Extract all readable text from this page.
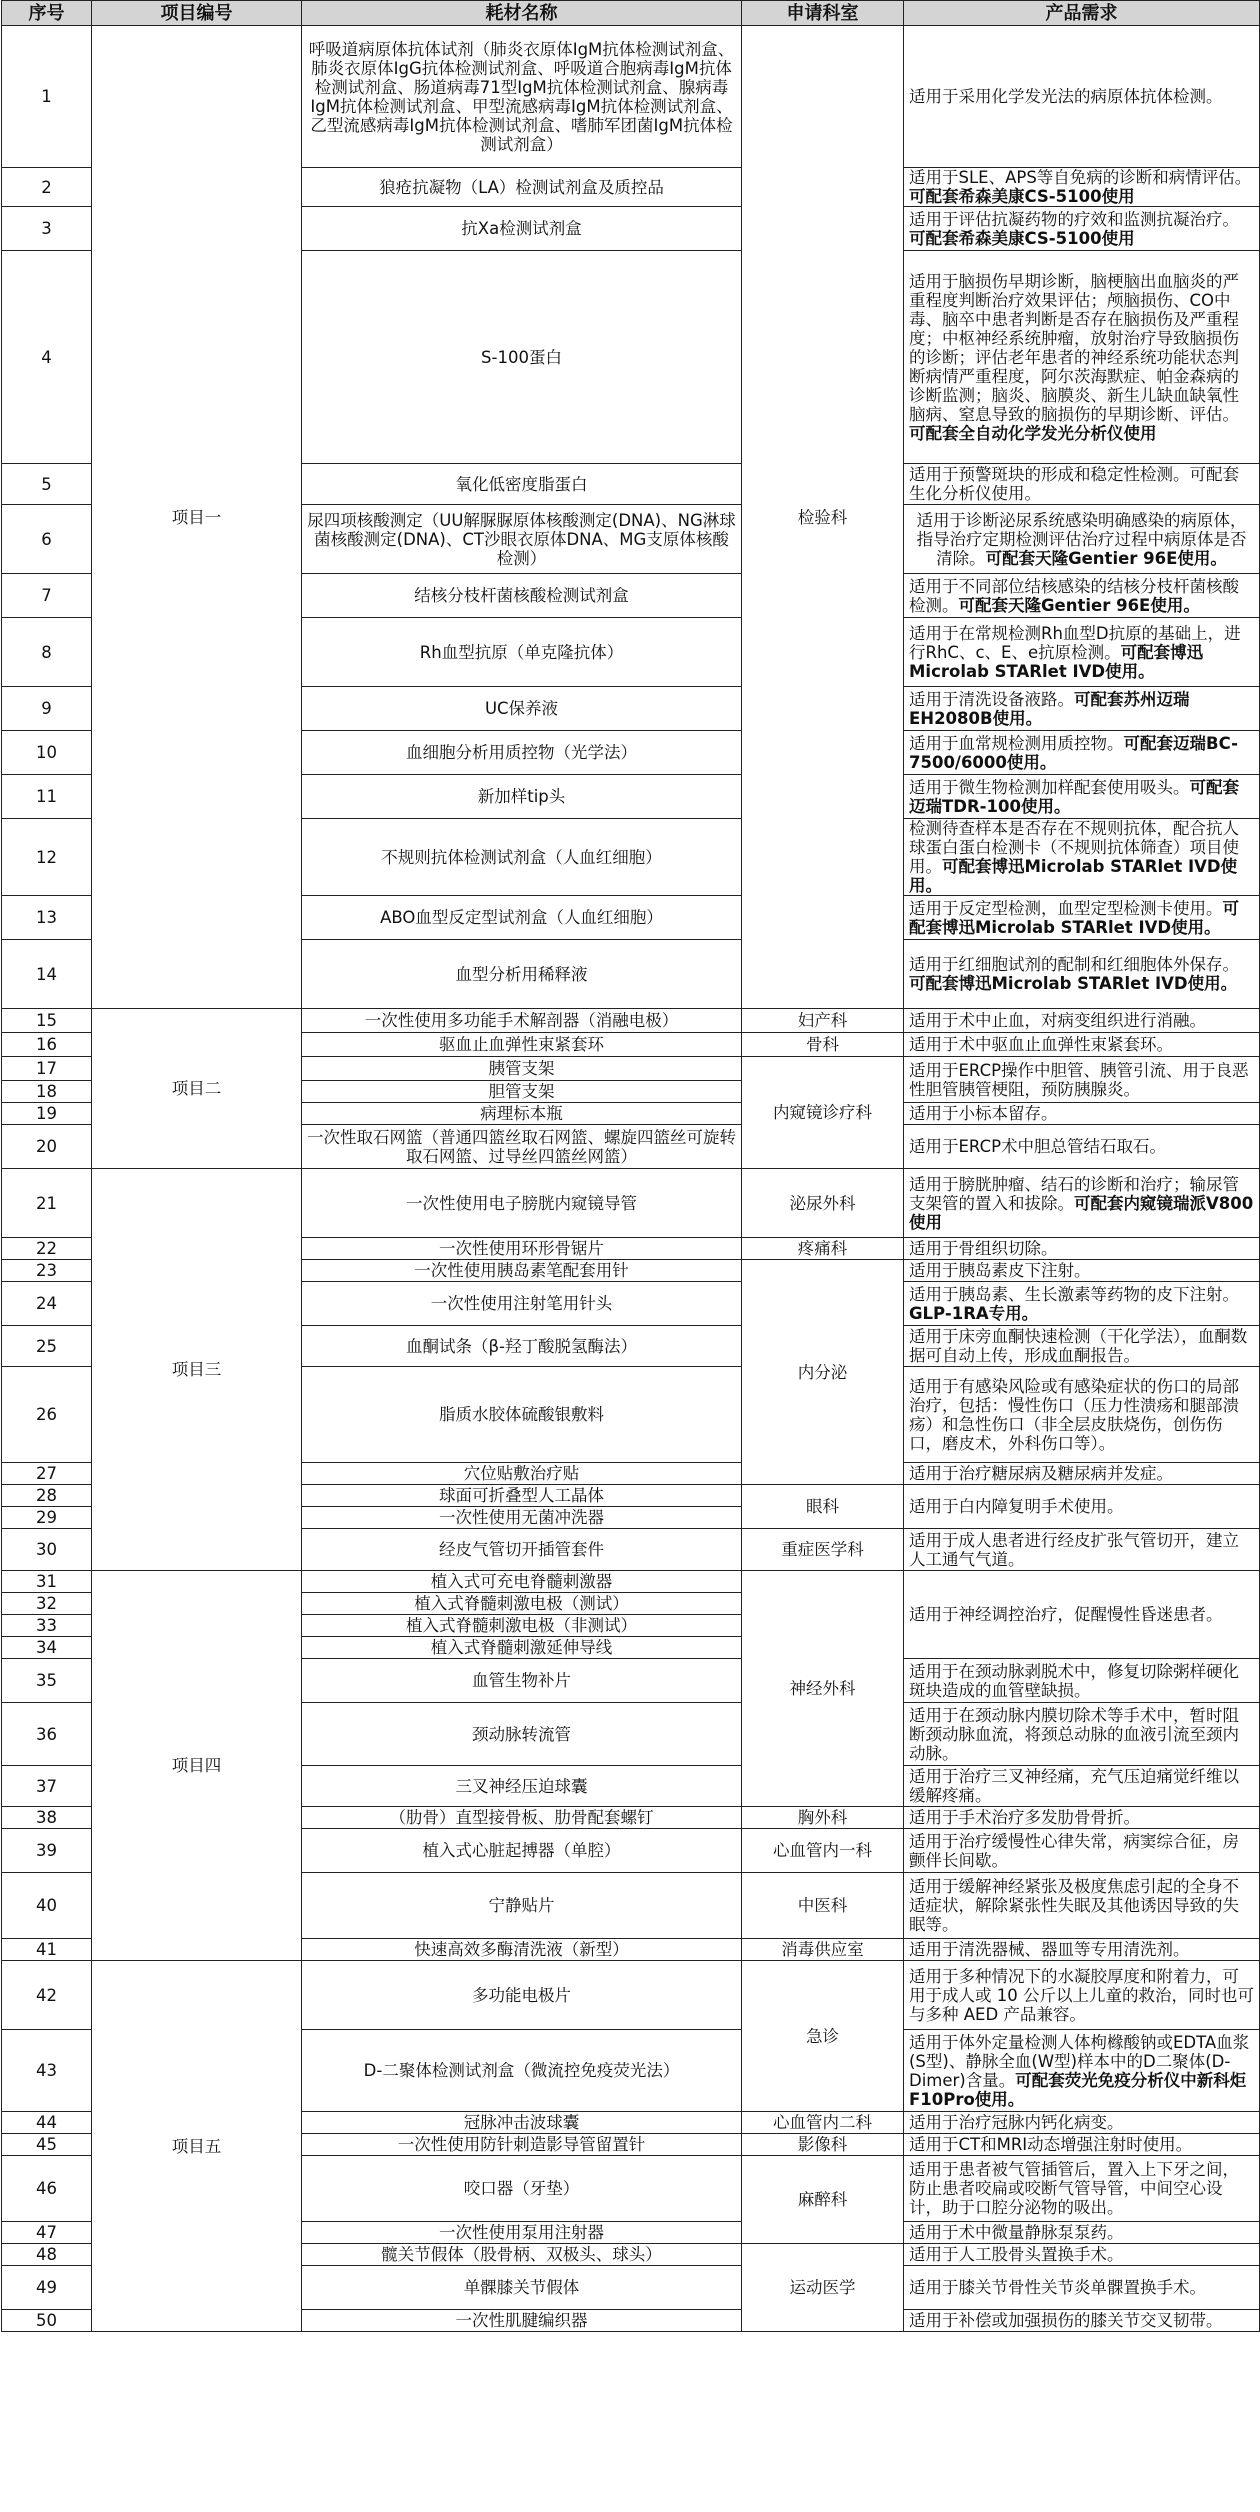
序号	项目编号	耗材名称	申请科室	产品需求
1	项目一	呼吸道病原体抗体试剂（肺炎衣原体IgM抗体检测试剂盒、肺炎衣原体IgG抗体检测试剂盒、呼吸道合胞病毒IgM抗体检测试剂盒、肠道病毒71型IgM抗体检测试剂盒、腺病毒IgM抗体检测试剂盒、甲型流感病毒IgM抗体检测试剂盒、乙型流感病毒IgM抗体检测试剂盒、嗜肺军团菌IgM抗体检测试剂盒）	检验科	适用于采用化学发光法的病原体抗体检测。
2		狼疮抗凝物（LA）检测试剂盒及质控品		适用于SLE、APS等自免病的诊断和病情评估。可配套希森美康CS-5100使用
3		抗Xa检测试剂盒		适用于评估抗凝药物的疗效和监测抗凝治疗。可配套希森美康CS-5100使用
4		S-100蛋白		适用于脑损伤早期诊断，脑梗脑出血脑炎的严重程度判断治疗效果评估；颅脑损伤、CO中毒、脑卒中患者判断是否存在脑损伤及严重程度；中枢神经系统肿瘤，放射治疗导致脑损伤的诊断；评估老年患者的神经系统功能状态判断病情严重程度，阿尔茨海默症、帕金森病的诊断监测；脑炎、脑膜炎、新生儿缺血缺氧性脑病、窒息导致的脑损伤的早期诊断、评估。可配套全自动化学发光分析仪使用
5		氧化低密度脂蛋白		适用于预警斑块的形成和稳定性检测。可配套生化分析仪使用。
6		尿四项核酸测定（UU解脲脲原体核酸测定(DNA)、NG淋球菌核酸测定(DNA)、CT沙眼衣原体DNA、MG支原体核酸检测）		适用于诊断泌尿系统感染明确感染的病原体，指导治疗定期检测评估治疗过程中病原体是否清除。可配套天隆Gentier 96E使用。
7		结核分枝杆菌核酸检测试剂盒		适用于不同部位结核感染的结核分枝杆菌核酸检测。可配套天隆Gentier 96E使用。
8		Rh血型抗原（单克隆抗体）		适用于在常规检测Rh血型D抗原的基础上，进行RhC、c、E、e抗原检测。可配套博迅Microlab STARlet IVD使用。
9		UC保养液		适用于清洗设备液路。可配套苏州迈瑞EH2080B使用。
10		血细胞分析用质控物（光学法）		适用于血常规检测用质控物。可配套迈瑞BC-7500/6000使用。
11		新加样tip头		适用于微生物检测加样配套使用吸头。可配套迈瑞TDR-100使用。
12		不规则抗体检测试剂盒（人血红细胞）		检测待查样本是否存在不规则抗体，配合抗人球蛋白蛋白检测卡（不规则抗体筛查）项目使用。可配套博迅Microlab STARlet IVD使用。
13		ABO血型反定型试剂盒（人血红细胞）		适用于反定型检测，血型定型检测卡使用。可配套博迅Microlab STARlet IVD使用。
14		血型分析用稀释液		适用于红细胞试剂的配制和红细胞体外保存。可配套博迅Microlab STARlet IVD使用。
15	项目二	一次性使用多功能手术解剖器（消融电极）	妇产科	适用于术中止血，对病变组织进行消融。
16		驱血止血弹性束紧套环	骨科	适用于术中驱血止血弹性束紧套环。
17		胰管支架	内窥镜诊疗科	适用于ERCP操作中胆管、胰管引流、用于良恶性胆管胰管梗阻，预防胰腺炎。
18		胆管支架		
19		病理标本瓶		适用于小标本留存。
20		一次性取石网篮（普通四篮丝取石网篮、螺旋四篮丝可旋转取石网篮、过导丝四篮丝网篮）		适用于ERCP术中胆总管结石取石。
21	项目三	一次性使用电子膀胱内窥镜导管	泌尿外科	适用于膀胱肿瘤、结石的诊断和治疗；输尿管支架管的置入和拔除。可配套内窥镜瑞派V800使用
22		一次性使用环形骨锯片	疼痛科	适用于骨组织切除。
23		一次性使用胰岛素笔配套用针	内分泌	适用于胰岛素皮下注射。
24		一次性使用注射笔用针头		适用于胰岛素、生长激素等药物的皮下注射。GLP-1RA专用。
25		血酮试条（β-羟丁酸脱氢酶法）		适用于床旁血酮快速检测（干化学法），血酮数据可自动上传，形成血酮报告。
26		脂质水胶体硫酸银敷料		适用于有感染风险或有感染症状的伤口的局部治疗，包括：慢性伤口（压力性溃疡和腿部溃疡）和急性伤口（非全层皮肤烧伤，创伤伤口，磨皮术，外科伤口等）。
27		穴位贴敷治疗贴		适用于治疗糖尿病及糖尿病并发症。
28		球面可折叠型人工晶体	眼科	适用于白内障复明手术使用。
29		一次性使用无菌冲洗器		
30		经皮气管切开插管套件	重症医学科	适用于成人患者进行经皮扩张气管切开，建立人工通气气道。
31	项目四	植入式可充电脊髓刺激器	神经外科	适用于神经调控治疗，促醒慢性昏迷患者。
32		植入式脊髓刺激电极（测试）		
33		植入式脊髓刺激电极（非测试）		
34		植入式脊髓刺激延伸导线		
35		血管生物补片		适用于在颈动脉剥脱术中，修复切除粥样硬化斑块造成的血管壁缺损。
36		颈动脉转流管		适用于在颈动脉内膜切除术等手术中，暂时阻断颈动脉血流，将颈总动脉的血液引流至颈内动脉。
37		三叉神经压迫球囊		适用于治疗三叉神经痛，充气压迫痛觉纤维以缓解疼痛。
38		（肋骨）直型接骨板、肋骨配套螺钉	胸外科	适用于手术治疗多发肋骨骨折。
39		植入式心脏起搏器（单腔）	心血管内一科	适用于治疗缓慢性心律失常，病窦综合征，房颤伴长间歇。
40		宁静贴片	中医科	适用于缓解神经紧张及极度焦虑引起的全身不适症状，解除紧张性失眠及其他诱因导致的失眠等。
41		快速高效多酶清洗液（新型）	消毒供应室	适用于清洗器械、器皿等专用清洗剂。
42	项目五	多功能电极片	急诊	适用于多种情况下的水凝胶厚度和附着力，可用于成人或 10 公斤以上儿童的救治，同时也可与多种 AED 产品兼容。
43		D-二聚体检测试剂盒（微流控免疫荧光法）		适用于体外定量检测人体枸橼酸钠或EDTA血浆(S型)、静脉全血(W型)样本中的D二聚体(D-Dimer)含量。可配套荧光免疫分析仪中新科炬F10Pro使用。
44		冠脉冲击波球囊	心血管内二科	适用于治疗冠脉内钙化病变。
45		一次性使用防针刺造影导管留置针	影像科	适用于CT和MRI动态增强注射时使用。
46		咬口器（牙垫）	麻醉科	适用于患者被气管插管后，置入上下牙之间，防止患者咬扁或咬断气管导管，中间空心设计，助于口腔分泌物的吸出。
47		一次性使用泵用注射器		适用于术中微量静脉泵泵药。
48		髋关节假体（股骨柄、双极头、球头）	运动医学	适用于人工股骨头置换手术。
49		单髁膝关节假体		适用于膝关节骨性关节炎单髁置换手术。
50		一次性肌腱编织器		适用于补偿或加强损伤的膝关节交叉韧带。
